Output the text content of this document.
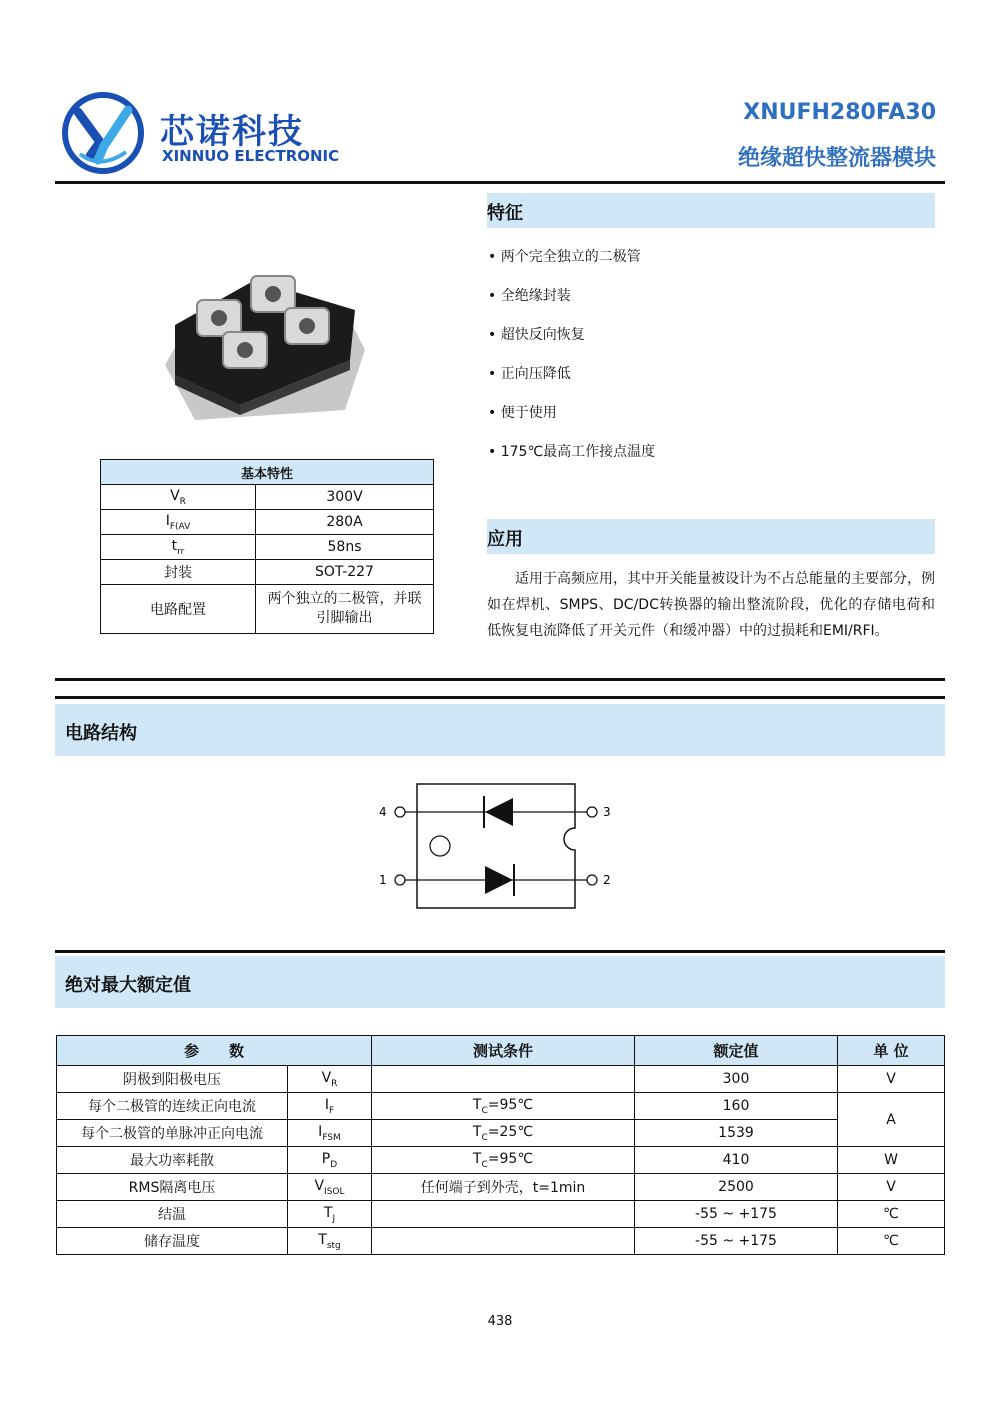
芯诺科技
XINNUO ELECTRONIC
XNUFH280FA30
绝缘超快整流器模块
特征
• 两个完全独立的二极管
• 全绝缘封装
• 超快反向恢复
• 正向压降低
• 便于使用
• 175℃最高工作接点温度
应用
适用于高频应用，其中开关能量被设计为不占总能量的主要部分，例如在焊机、SMPS、DC/DC转换器的输出整流阶段，优化的存储电荷和低恢复电流降低了开关元件（和缓冲器）中的过损耗和EMI/RFI。
基本特性	
$V_R$	300V
$I_{F(AV}$	280A
$t_{rr}$	58ns
封装	SOT-227
电路配置	两个独立的二极管，并联引脚输出
电路结构
4	3
1	2
绝对最大额定值
参　　数		测试条件	额定值	单 位
阴极到阳极电压	$V_R$		300	V
每个二极管的连续正向电流	$I_F$	$T_C=95℃$	160	A
每个二极管的单脉冲正向电流	$I_{FSM}$	$T_C=25℃$	1539	
最大功率耗散	$P_D$	$T_C=95℃$	410	W
RMS隔离电压	$V_{ISOL}$	任何端子到外壳，t=1min	2500	V
结温	$T_J$		-55 ~ +175	℃
储存温度	$T_{stg}$		-55 ~ +175	℃
438
